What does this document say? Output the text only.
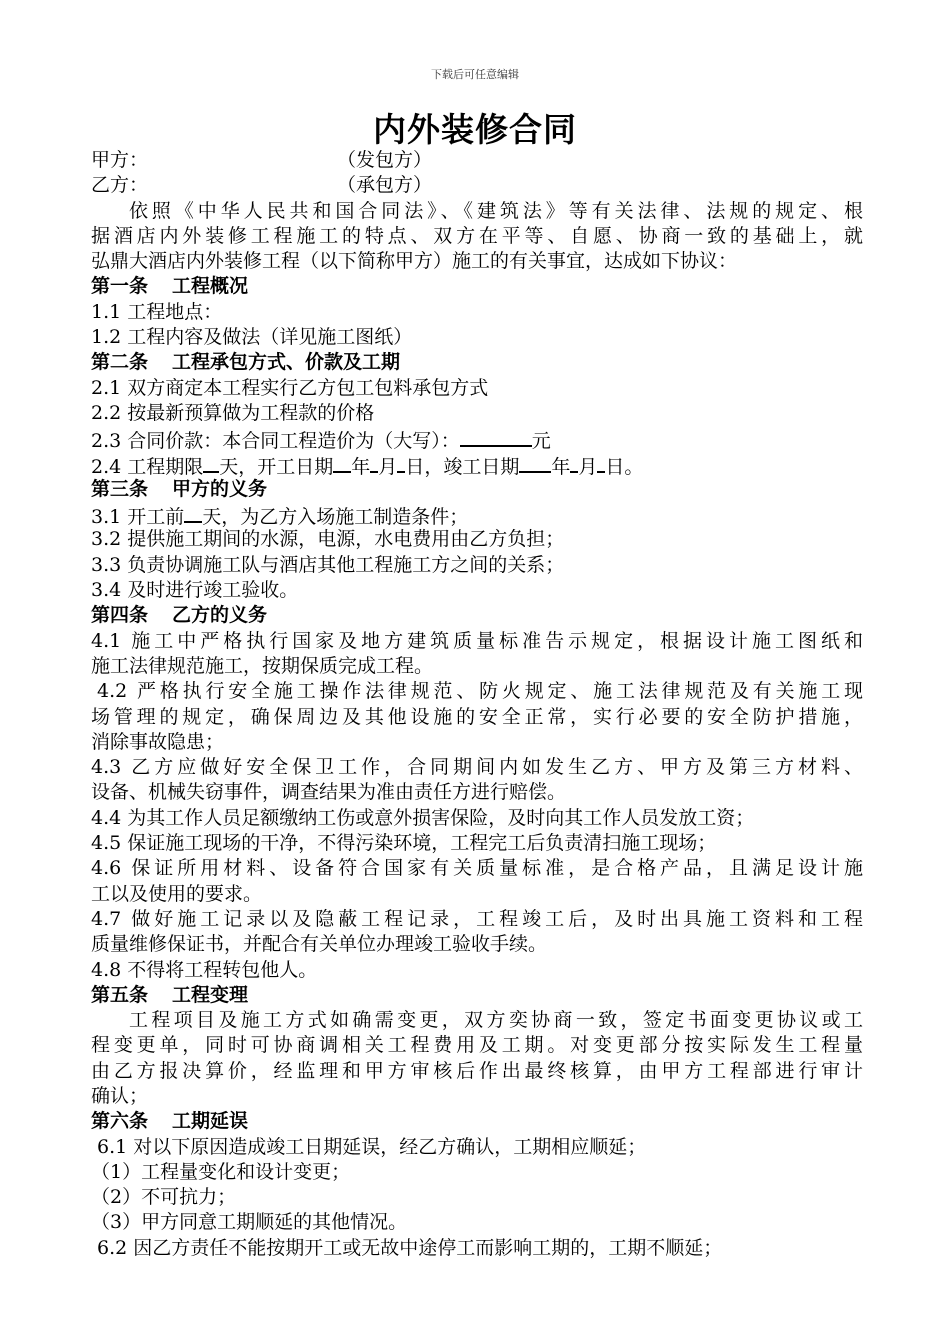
下载后可任意编辑
内外装修合同
甲方：	（发包方）
乙方：	（承包方）
依照《中华人民共和国合同法》、《建筑法》等有关法律、法规的规定、根
据酒店内外装修工程施工的特点、双方在平等、自愿、协商一致的基础上，就
弘鼎大酒店内外装修工程（以下简称甲方）施工的有关事宜，达成如下协议：
第一条 工程概况
1.1 工程地点：
1.2 工程内容及做法（详见施工图纸）
第二条 工程承包方式、价款及工期
2.1 双方商定本工程实行乙方包工包料承包方式
2.2 按最新预算做为工程款的价格
2.3 合同价款：本合同工程造价为（大写）：	元
2.4 工程期限 天，开工日期 年 月 日，竣工日期 年 月 日。
第三条 甲方的义务
3.1 开工前 天，为乙方入场施工制造条件；
3.2 提供施工期间的水源，电源，水电费用由乙方负担；
3.3 负责协调施工队与酒店其他工程施工方之间的关系；
3.4 及时进行竣工验收。
第四条 乙方的义务
4.1 施工中严格执行国家及地方建筑质量标准告示规定，根据设计施工图纸和
施工法律规范施工，按期保质完成工程。
4.2 严格执行安全施工操作法律规范、防火规定、施工法律规范及有关施工现
场管理的规定，确保周边及其他设施的安全正常，实行必要的安全防护措施，
消除事故隐患；
4.3 乙方应做好安全保卫工作，合同期间内如发生乙方、甲方及第三方材料、
设备、机械失窃事件，调查结果为准由责任方进行赔偿。
4.4 为其工作人员足额缴纳工伤或意外损害保险，及时向其工作人员发放工资；
4.5 保证施工现场的干净，不得污染环境，工程完工后负责清扫施工现场；
4.6 保证所用材料、设备符合国家有关质量标准，是合格产品，且满足设计施
工以及使用的要求。
4.7 做好施工记录以及隐蔽工程记录，工程竣工后，及时出具施工资料和工程
质量维修保证书，并配合有关单位办理竣工验收手续。
4.8 不得将工程转包他人。
第五条 工程变理
工程项目及施工方式如确需变更，双方奕协商一致，签定书面变更协议或工
程变更单，同时可协商调相关工程费用及工期。对变更部分按实际发生工程量
由乙方报决算价，经监理和甲方审核后作出最终核算，由甲方工程部进行审计
确认；
第六条 工期延误
6.1 对以下原因造成竣工日期延误，经乙方确认，工期相应顺延；
（1）工程量变化和设计变更；
（2）不可抗力；
（3）甲方同意工期顺延的其他情况。
6.2 因乙方责任不能按期开工或无故中途停工而影响工期的，工期不顺延；
